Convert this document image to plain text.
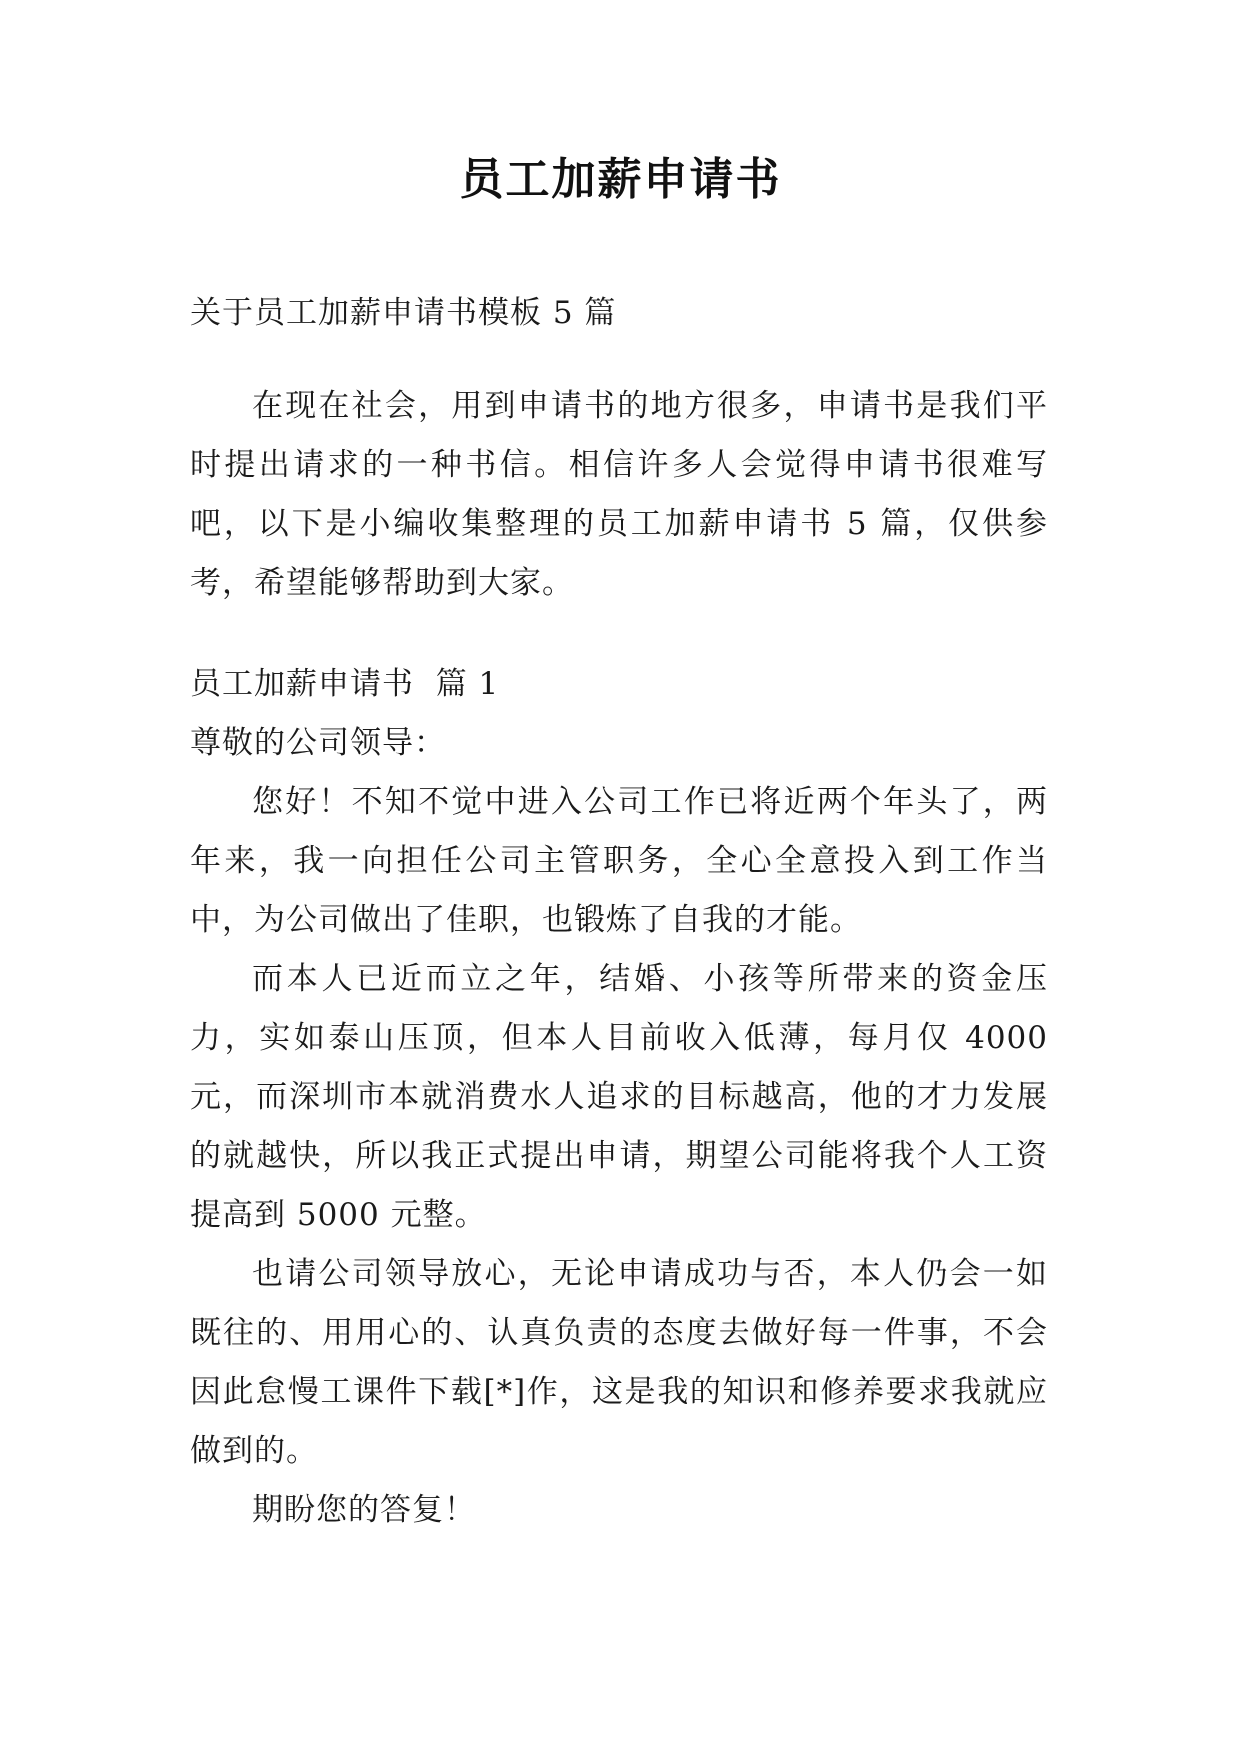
员工加薪申请书

关于员工加薪申请书模板 5 篇

在现在社会，用到申请书的地方很多，申请书是我们平时提出请求的一种书信。相信许多人会觉得申请书很难写吧，以下是小编收集整理的员工加薪申请书 5 篇，仅供参考，希望能够帮助到大家。

员工加薪申请书  篇 1

尊敬的公司领导：

您好！不知不觉中进入公司工作已将近两个年头了，两年来，我一向担任公司主管职务，全心全意投入到工作当中，为公司做出了佳职，也锻炼了自我的才能。

而本人已近而立之年，结婚、小孩等所带来的资金压力，实如泰山压顶，但本人目前收入低薄，每月仅 4000 元，而深圳市本就消费水人追求的目标越高，他的才力发展的就越快，所以我正式提出申请，期望公司能将我个人工资提高到 5000 元整。

也请公司领导放心，无论申请成功与否，本人仍会一如既往的、用用心的、认真负责的态度去做好每一件事，不会因此怠慢工课件下载[*]作，这是我的知识和修养要求我就应做到的。

期盼您的答复！
